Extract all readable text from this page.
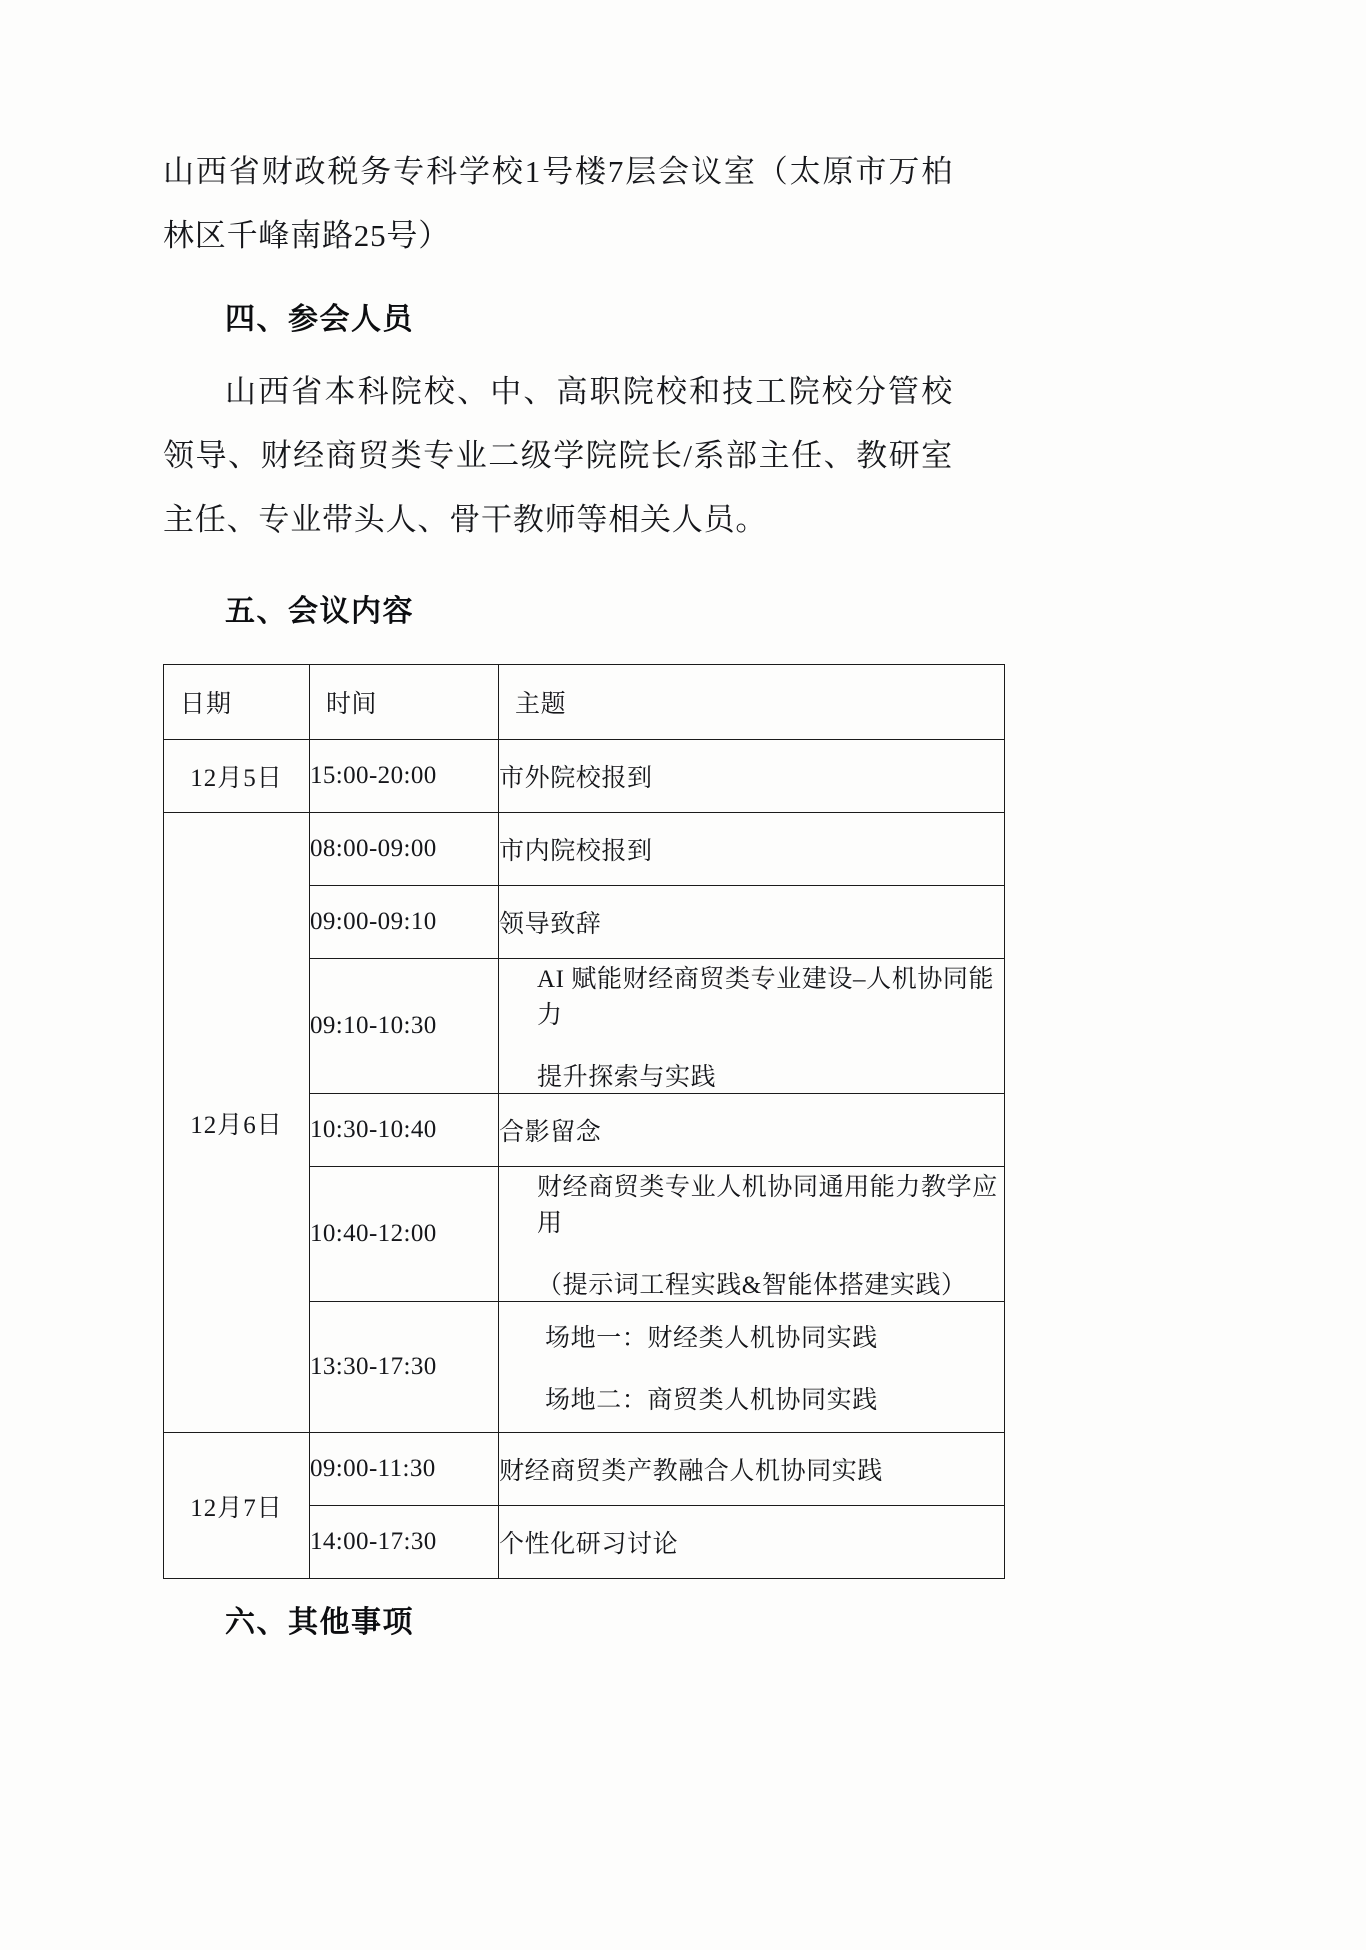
山西省财政税务专科学校1号楼7层会议室（太原市万柏林区千峰南路25号）

四、参会人员

山西省本科院校、中、高职院校和技工院校分管校领导、财经商贸类专业二级学院院长/系部主任、教研室主任、专业带头人、骨干教师等相关人员。

五、会议内容
日期	时间	主题
12月5日	15:00-20:00	市外院校报到

12月6日	08:00-09:00	市内院校报到

	09:00-09:10	领导致辞

	09:10-10:30	AI 赋能财经商贸类专业建设–人机协同能力
提升探索与实践

	10:30-10:40	合影留念

	10:40-12:00	财经商贸类专业人机协同通用能力教学应用
（提示词工程实践&智能体搭建实践）

	13:30-17:30	场地一：财经类人机协同实践
场地二：商贸类人机协同实践

12月7日	09:00-11:30	财经商贸类产教融合人机协同实践

	14:00-17:30	个性化研习讨论
六、其他事项
